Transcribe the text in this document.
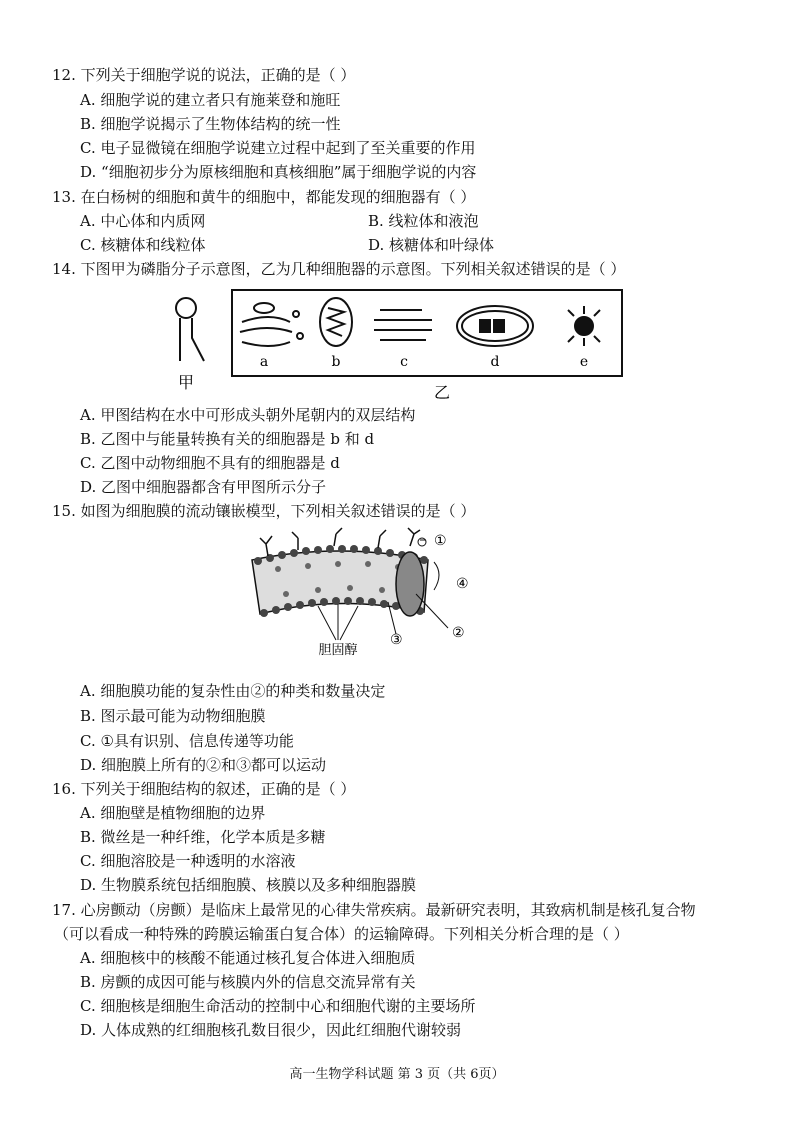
12. 下列关于细胞学说的说法，正确的是（ ）
A. 细胞学说的建立者只有施莱登和施旺
B. 细胞学说揭示了生物体结构的统一性
C. 电子显微镜在细胞学说建立过程中起到了至关重要的作用
D. “细胞初步分为原核细胞和真核细胞”属于细胞学说的内容
13. 在白杨树的细胞和黄牛的细胞中，都能发现的细胞器有（ ）
A. 中心体和内质网	B. 线粒体和液泡
C. 核糖体和线粒体	D. 核糖体和叶绿体
14. 下图甲为磷脂分子示意图，乙为几种细胞器的示意图。下列相关叙述错误的是（ ）
甲
a	b	c	d	e
乙
A. 甲图结构在水中可形成头朝外尾朝内的双层结构
B. 乙图中与能量转换有关的细胞器是 b 和 d
C. 乙图中动物细胞不具有的细胞器是 d
D. 乙图中细胞器都含有甲图所示分子
15. 如图为细胞膜的流动镶嵌模型，下列相关叙述错误的是（ ）
①
②
③
④
胆固醇
A. 细胞膜功能的复杂性由②的种类和数量决定
B. 图示最可能为动物细胞膜
C. ①具有识别、信息传递等功能
D. 细胞膜上所有的②和③都可以运动
16. 下列关于细胞结构的叙述，正确的是（ ）
A. 细胞壁是植物细胞的边界
B. 微丝是一种纤维，化学本质是多糖
C. 细胞溶胶是一种透明的水溶液
D. 生物膜系统包括细胞膜、核膜以及多种细胞器膜
17. 心房颤动（房颤）是临床上最常见的心律失常疾病。最新研究表明，其致病机制是核孔复合物
（可以看成一种特殊的跨膜运输蛋白复合体）的运输障碍。下列相关分析合理的是（ ）
A. 细胞核中的核酸不能通过核孔复合体进入细胞质
B. 房颤的成因可能与核膜内外的信息交流异常有关
C. 细胞核是细胞生命活动的控制中心和细胞代谢的主要场所
D. 人体成熟的红细胞核孔数目很少，因此红细胞代谢较弱
高一生物学科试题 第 3 页（共 6页）
